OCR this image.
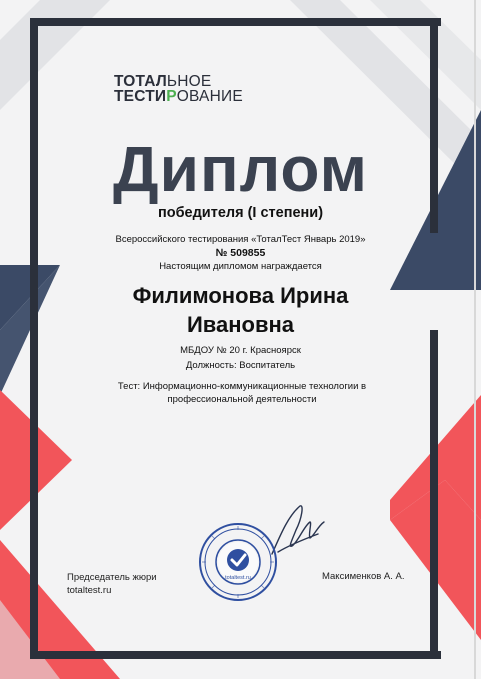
ТОТАЛЬНОЕ
ТЕСТИРОВАНИЕ
Диплом
победителя (I степени)
Всероссийского тестирования «ТоталТест Январь 2019»
№ 509855
Настоящим дипломом награждается
Филимонова Ирина
Ивановна
МБДОУ № 20 г. Красноярск
Должность: Воспитатель
Тест: Информационно-коммуникационные технологии в профессиональной деятельности
Председатель жюри
totaltest.ru
totaltest.ru	Максименков А. А.
